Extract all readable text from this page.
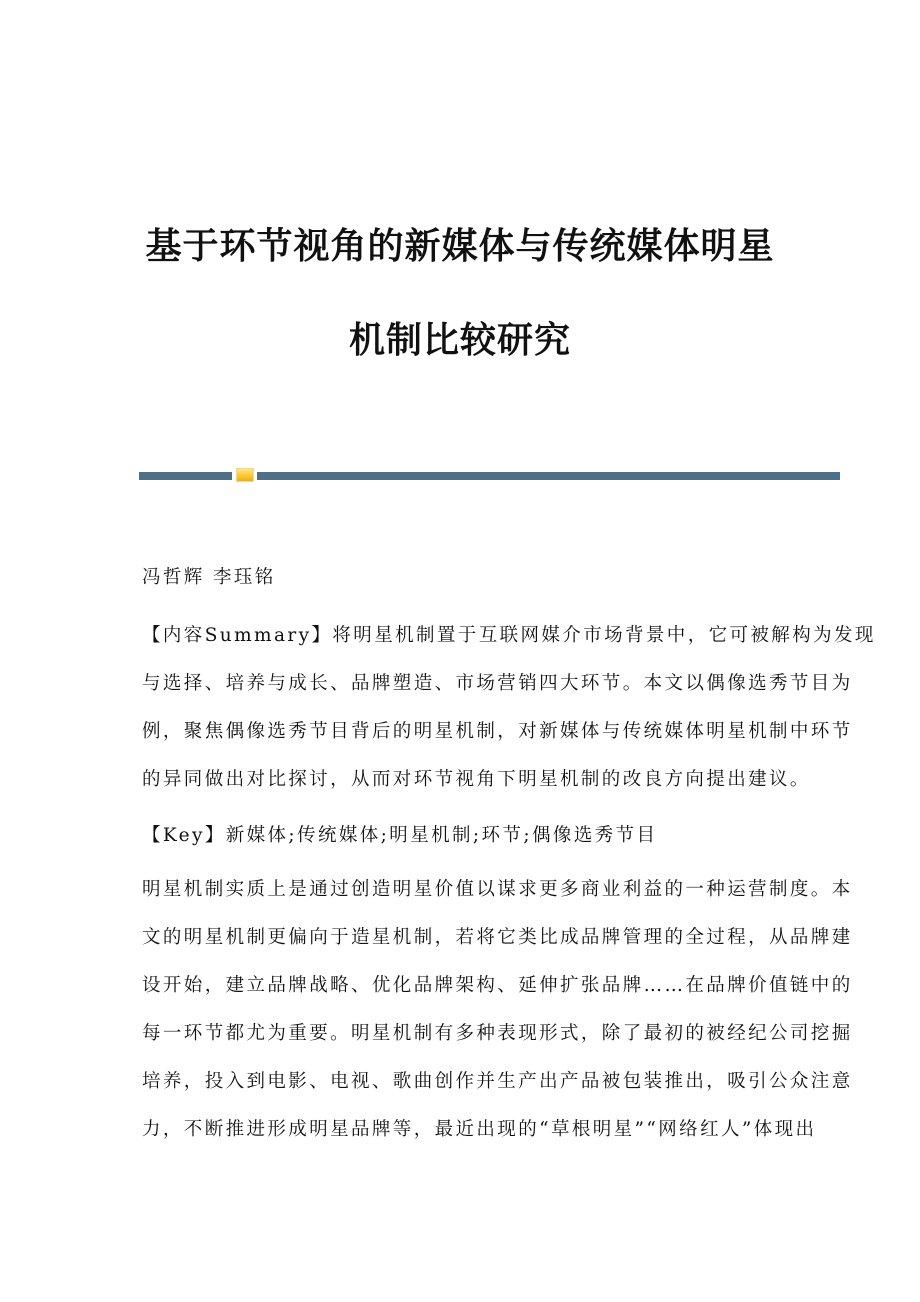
基于环节视角的新媒体与传统媒体明星
机制比较研究
冯哲辉 李珏铭
【内容Summary】将明星机制置于互联网媒介市场背景中，它可被解构为发现
与选择、培养与成长、品牌塑造、市场营销四大环节。本文以偶像选秀节目为
例，聚焦偶像选秀节目背后的明星机制，对新媒体与传统媒体明星机制中环节
的异同做出对比探讨，从而对环节视角下明星机制的改良方向提出建议。
【Key】新媒体;传统媒体;明星机制;环节;偶像选秀节目
明星机制实质上是通过创造明星价值以谋求更多商业利益的一种运营制度。本
文的明星机制更偏向于造星机制，若将它类比成品牌管理的全过程，从品牌建
设开始，建立品牌战略、优化品牌架构、延伸扩张品牌……在品牌价值链中的
每一环节都尤为重要。明星机制有多种表现形式，除了最初的被经纪公司挖掘
培养，投入到电影、电视、歌曲创作并生产出产品被包装推出，吸引公众注意
力，不断推进形成明星品牌等，最近出现的“草根明星”“网络红人”体现出
